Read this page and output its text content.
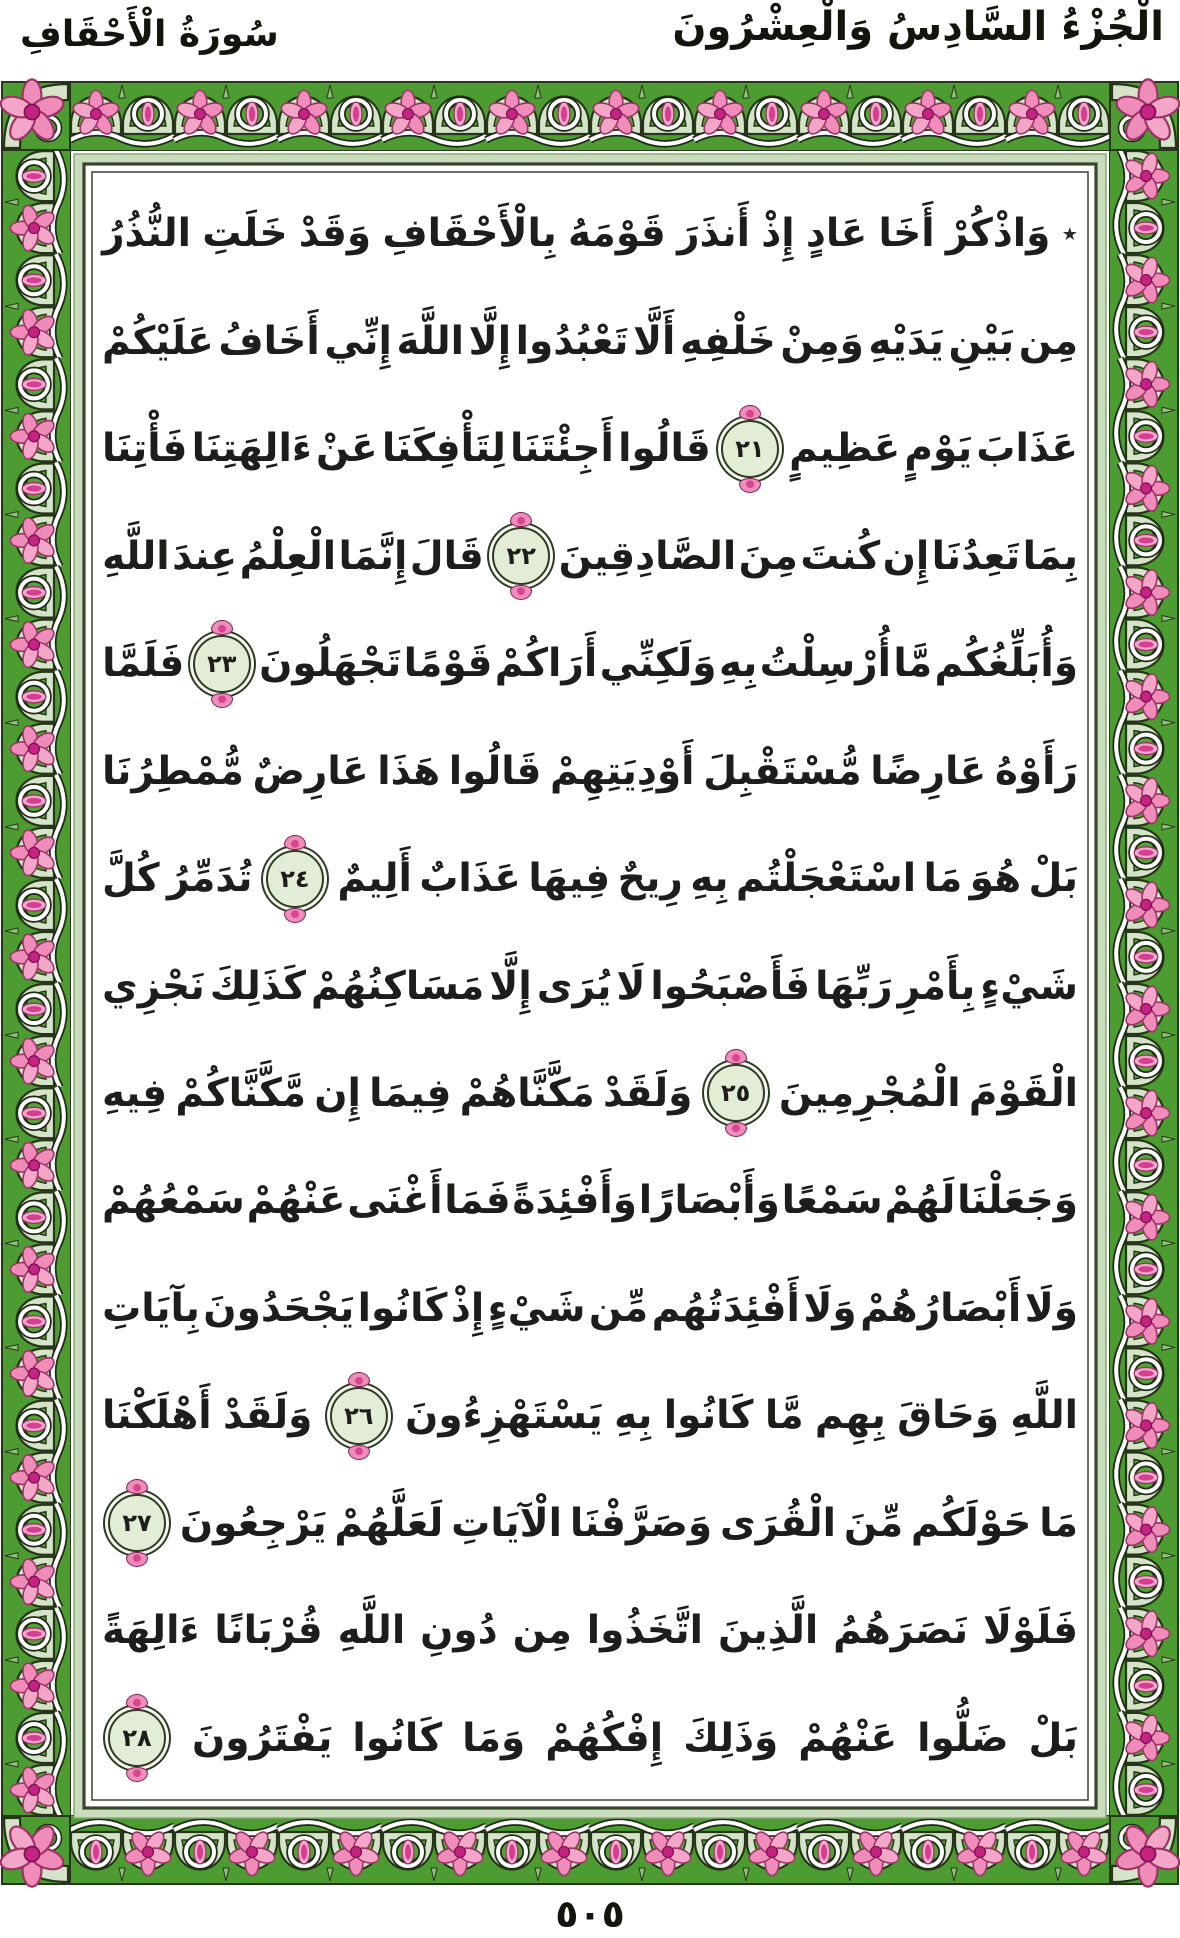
الْجُزْءُ السَّادِسُ وَالْعِشْرُونَ
سُورَةُ الْأَحْقَافِ
٭
وَاذْكُرْ
أَخَا
عَادٍ
إِذْ
أَنذَرَ
قَوْمَهُ
بِالْأَحْقَافِ
وَقَدْ
خَلَتِ
النُّذُرُ
مِن
بَيْنِ
يَدَيْهِ
وَمِنْ
خَلْفِهِ
أَلَّا
تَعْبُدُوا
إِلَّا
اللَّهَ
إِنِّي
أَخَافُ
عَلَيْكُمْ
عَذَابَ
يَوْمٍ
عَظِيمٍ
٢١
قَالُوا
أَجِئْتَنَا
لِتَأْفِكَنَا
عَنْ
ءَالِهَتِنَا
فَأْتِنَا
بِمَا
تَعِدُنَا
إِن
كُنتَ
مِنَ
الصَّادِقِينَ
٢٢
قَالَ
إِنَّمَا
الْعِلْمُ
عِندَ
اللَّهِ
وَأُبَلِّغُكُم
مَّا
أُرْسِلْتُ
بِهِ
وَلَكِنِّي
أَرَاكُمْ
قَوْمًا
تَجْهَلُونَ
٢٣
فَلَمَّا
رَأَوْهُ
عَارِضًا
مُّسْتَقْبِلَ
أَوْدِيَتِهِمْ
قَالُوا
هَذَا
عَارِضٌ
مُّمْطِرُنَا
بَلْ
هُوَ
مَا
اسْتَعْجَلْتُم
بِهِ
رِيحٌ
فِيهَا
عَذَابٌ
أَلِيمٌ
٢٤
تُدَمِّرُ
كُلَّ
شَيْءٍ
بِأَمْرِ
رَبِّهَا
فَأَصْبَحُوا
لَا
يُرَى
إِلَّا
مَسَاكِنُهُمْ
كَذَلِكَ
نَجْزِي
الْقَوْمَ
الْمُجْرِمِينَ
٢٥
وَلَقَدْ
مَكَّنَّاهُمْ
فِيمَا
إِن
مَّكَّنَّاكُمْ
فِيهِ
وَجَعَلْنَا
لَهُمْ
سَمْعًا
وَأَبْصَارًا
وَأَفْئِدَةً
فَمَا
أَغْنَى
عَنْهُمْ
سَمْعُهُمْ
وَلَا
أَبْصَارُهُمْ
وَلَا
أَفْئِدَتُهُم
مِّن
شَيْءٍ
إِذْ
كَانُوا
يَجْحَدُونَ
بِآيَاتِ
اللَّهِ
وَحَاقَ
بِهِم
مَّا
كَانُوا
بِهِ
يَسْتَهْزِءُونَ
٢٦
وَلَقَدْ
أَهْلَكْنَا
مَا
حَوْلَكُم
مِّنَ
الْقُرَى
وَصَرَّفْنَا
الْآيَاتِ
لَعَلَّهُمْ
يَرْجِعُونَ
٢٧
فَلَوْلَا
نَصَرَهُمُ
الَّذِينَ
اتَّخَذُوا
مِن
دُونِ
اللَّهِ
قُرْبَانًا
ءَالِهَةً
بَلْ
ضَلُّوا
عَنْهُمْ
وَذَلِكَ
إِفْكُهُمْ
وَمَا
كَانُوا
يَفْتَرُونَ
٢٨
٥٠٥
